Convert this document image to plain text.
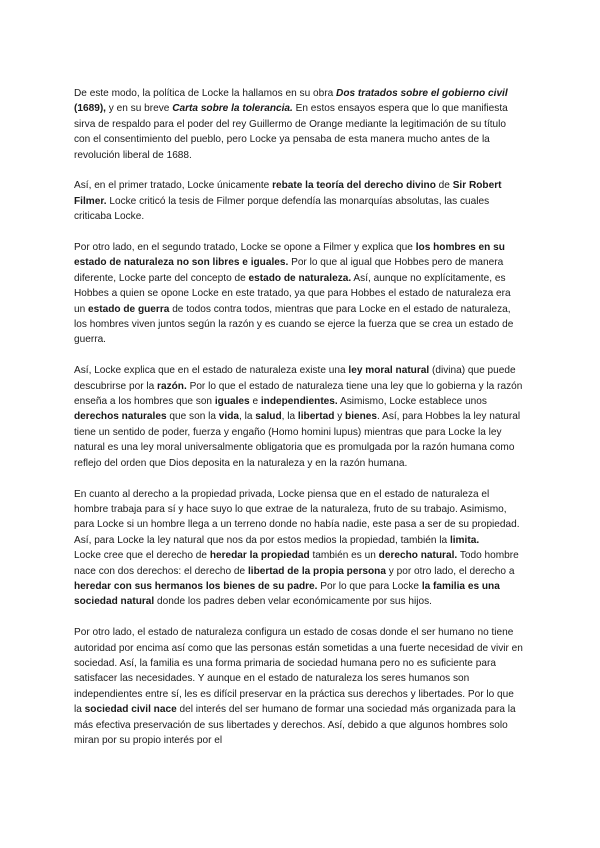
De este modo, la política de Locke la hallamos en su obra Dos tratados sobre el gobierno civil (1689), y en su breve Carta sobre la tolerancia. En estos ensayos espera que lo que manifiesta sirva de respaldo para el poder del rey Guillermo de Orange mediante la legitimación de su título con el consentimiento del pueblo, pero Locke ya pensaba de esta manera mucho antes de la revolución liberal de 1688.

Así, en el primer tratado, Locke únicamente rebate la teoría del derecho divino de Sir Robert Filmer. Locke criticó la tesis de Filmer porque defendía las monarquías absolutas, las cuales criticaba Locke.

Por otro lado, en el segundo tratado, Locke se opone a Filmer y explica que los hombres en su estado de naturaleza no son libres e iguales. Por lo que al igual que Hobbes pero de manera diferente, Locke parte del concepto de estado de naturaleza. Así, aunque no explícitamente, es Hobbes a quien se opone Locke en este tratado, ya que para Hobbes el estado de naturaleza era un estado de guerra de todos contra todos, mientras que para Locke en el estado de naturaleza, los hombres viven juntos según la razón y es cuando se ejerce la fuerza que se crea un estado de guerra.

Así, Locke explica que en el estado de naturaleza existe una ley moral natural (divina) que puede descubrirse por la razón. Por lo que el estado de naturaleza tiene una ley que lo gobierna y la razón enseña a los hombres que son iguales e independientes. Asimismo, Locke establece unos derechos naturales que son la vida, la salud, la libertad y bienes. Así, para Hobbes la ley natural tiene un sentido de poder, fuerza y engaño (Homo homini lupus) mientras que para Locke la ley natural es una ley moral universalmente obligatoria que es promulgada por la razón humana como reflejo del orden que Dios deposita en la naturaleza y en la razón humana.

En cuanto al derecho a la propiedad privada, Locke piensa que en el estado de naturaleza el hombre trabaja para sí y hace suyo lo que extrae de la naturaleza, fruto de su trabajo. Asimismo, para Locke si un hombre llega a un terreno donde no había nadie, este pasa a ser de su propiedad. Así, para Locke la ley natural que nos da por estos medios la propiedad, también la limita.

Locke cree que el derecho de heredar la propiedad también es un derecho natural. Todo hombre nace con dos derechos: el derecho de libertad de la propia persona y por otro lado, el derecho a heredar con sus hermanos los bienes de su padre. Por lo que para Locke la familia es una sociedad natural donde los padres deben velar económicamente por sus hijos.

Por otro lado, el estado de naturaleza configura un estado de cosas donde el ser humano no tiene autoridad por encima así como que las personas están sometidas a una fuerte necesidad de vivir en sociedad. Así, la familia es una forma primaria de sociedad humana pero no es suficiente para satisfacer las necesidades. Y aunque en el estado de naturaleza los seres humanos son independientes entre sí, les es difícil preservar en la práctica sus derechos y libertades. Por lo que la sociedad civil nace del interés del ser humano de formar una sociedad más organizada para la más efectiva preservación de sus libertades y derechos. Así, debido a que algunos hombres solo miran por su propio interés por el
